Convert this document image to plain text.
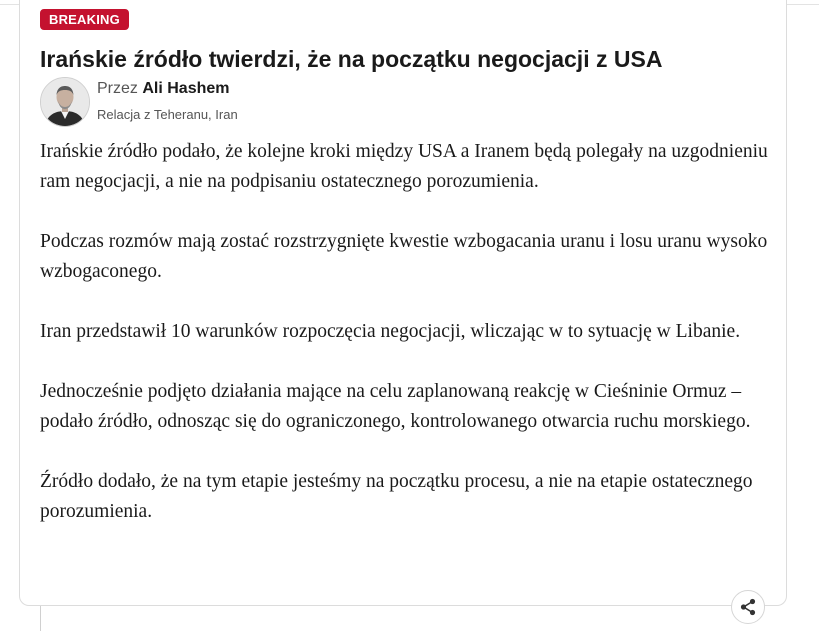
BREAKING
Irańskie źródło twierdzi, że na początku negocjacji z USA
Przez Ali Hashem
Relacja z Teheranu, Iran

Irańskie źródło podało, że kolejne kroki między USA a Iranem będą polegały na uzgodnieniu ram negocjacji, a nie na podpisaniu ostatecznego porozumienia.

Podczas rozmów mają zostać rozstrzygnięte kwestie wzbogacania uranu i losu uranu wysoko wzbogaconego.

Iran przedstawił 10 warunków rozpoczęcia negocjacji, wliczając w to sytuację w Libanie.

Jednocześnie podjęto działania mające na celu zaplanowaną reakcję w Cieśninie Ormuz – podało źródło, odnosząc się do ograniczonego, kontrolowanego otwarcia ruchu morskiego.

Źródło dodało, że na tym etapie jesteśmy na początku procesu, a nie na etapie ostatecznego porozumienia.
